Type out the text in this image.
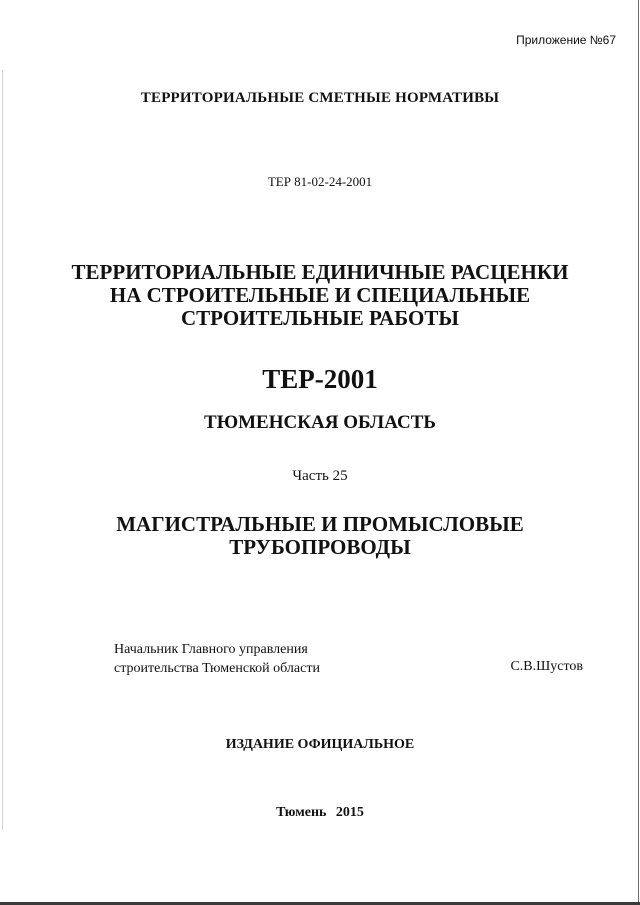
Приложение №67
ТЕРРИТОРИАЛЬНЫЕ СМЕТНЫЕ НОРМАТИВЫ
ТЕР 81-02-24-2001
ТЕРРИТОРИАЛЬНЫЕ ЕДИНИЧНЫЕ РАСЦЕНКИ
НА СТРОИТЕЛЬНЫЕ И СПЕЦИАЛЬНЫЕ
СТРОИТЕЛЬНЫЕ РАБОТЫ
ТЕР-2001
ТЮМЕНСКАЯ ОБЛАСТЬ
Часть 25
МАГИСТРАЛЬНЫЕ И ПРОМЫСЛОВЫЕ
ТРУБОПРОВОДЫ
Начальник Главного управления
строительства Тюменской области	С.В.Шустов
ИЗДАНИЕ ОФИЦИАЛЬНОЕ
Тюмень 2015
